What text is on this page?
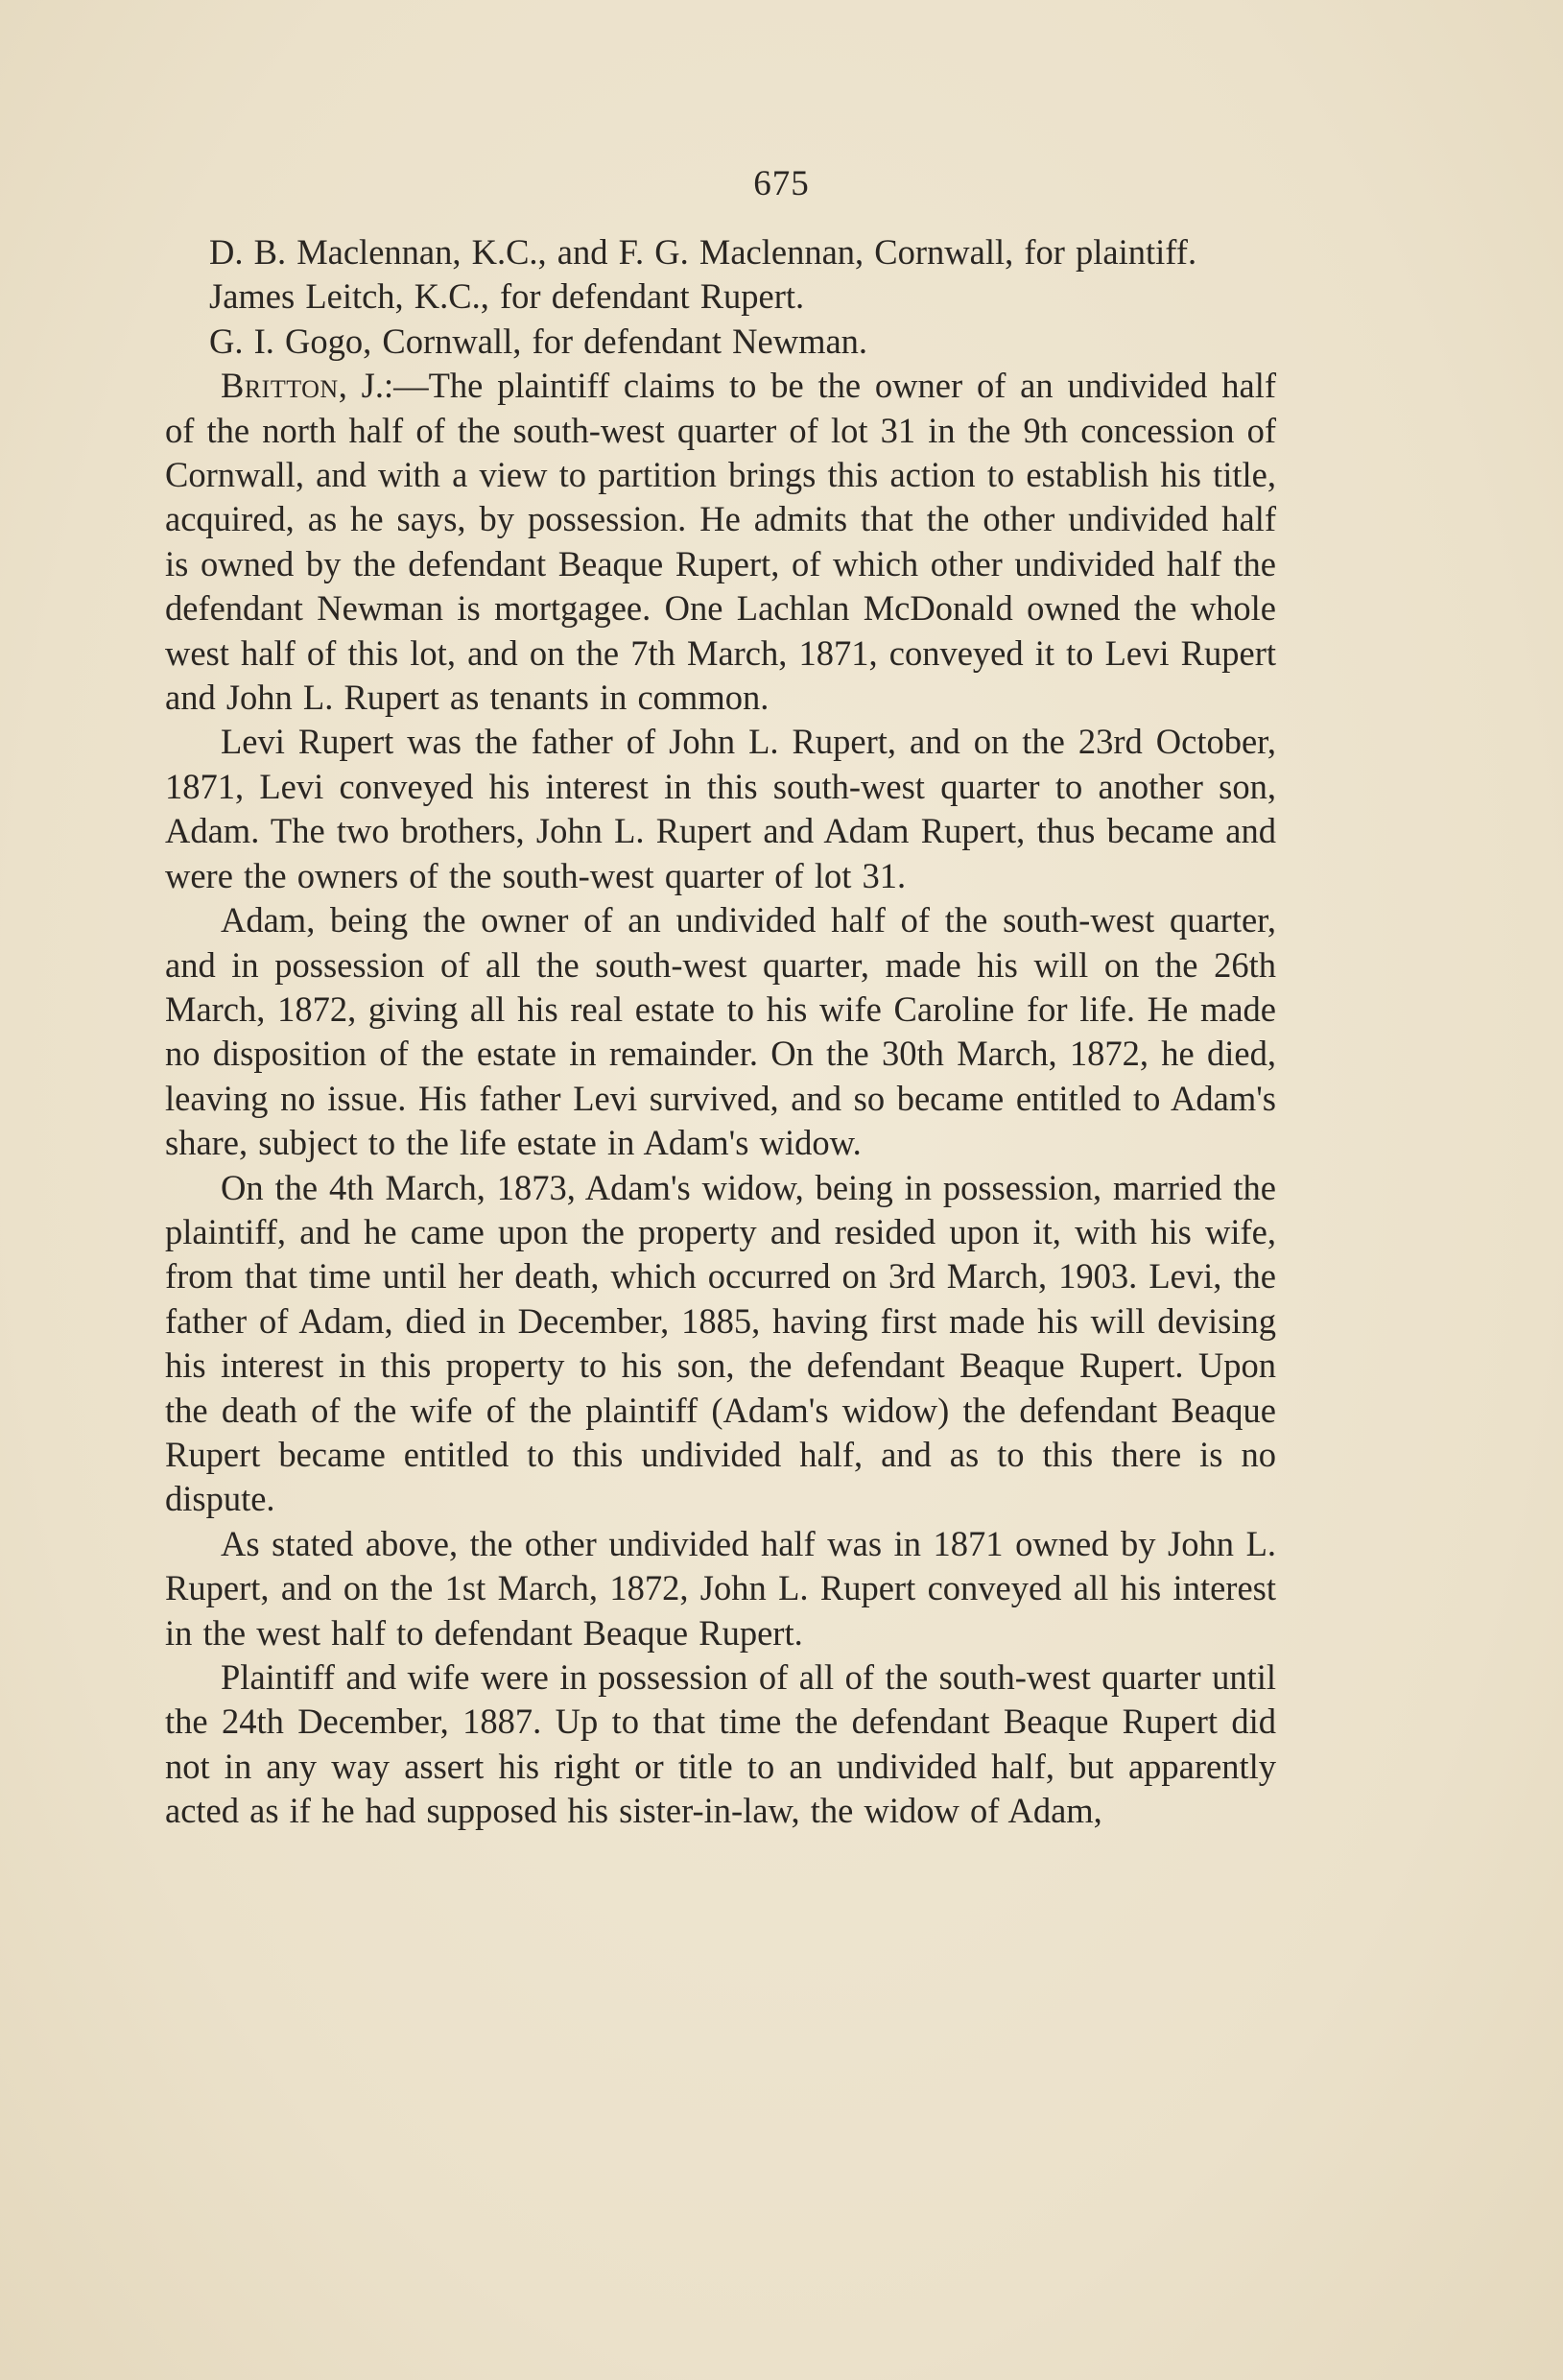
675

D. B. Maclennan, K.C., and F. G. Maclennan, Cornwall, for plaintiff.

James Leitch, K.C., for defendant Rupert.

G. I. Gogo, Cornwall, for defendant Newman.

Britton, J.:—The plaintiff claims to be the owner of an undivided half of the north half of the south-west quarter of lot 31 in the 9th concession of Cornwall, and with a view to partition brings this action to establish his title, acquired, as he says, by possession. He admits that the other undivided half is owned by the defendant Beaque Rupert, of which other undivided half the defendant Newman is mortgagee. One Lachlan McDonald owned the whole west half of this lot, and on the 7th March, 1871, conveyed it to Levi Rupert and John L. Rupert as tenants in common.

Levi Rupert was the father of John L. Rupert, and on the 23rd October, 1871, Levi conveyed his interest in this south-west quarter to another son, Adam. The two brothers, John L. Rupert and Adam Rupert, thus became and were the owners of the south-west quarter of lot 31.

Adam, being the owner of an undivided half of the south-west quarter, and in possession of all the south-west quarter, made his will on the 26th March, 1872, giving all his real estate to his wife Caroline for life. He made no disposition of the estate in remainder. On the 30th March, 1872, he died, leaving no issue. His father Levi survived, and so became entitled to Adam's share, subject to the life estate in Adam's widow.

On the 4th March, 1873, Adam's widow, being in possession, married the plaintiff, and he came upon the property and resided upon it, with his wife, from that time until her death, which occurred on 3rd March, 1903. Levi, the father of Adam, died in December, 1885, having first made his will devising his interest in this property to his son, the defendant Beaque Rupert. Upon the death of the wife of the plaintiff (Adam's widow) the defendant Beaque Rupert became entitled to this undivided half, and as to this there is no dispute.

As stated above, the other undivided half was in 1871 owned by John L. Rupert, and on the 1st March, 1872, John L. Rupert conveyed all his interest in the west half to defendant Beaque Rupert.

Plaintiff and wife were in possession of all of the south-west quarter until the 24th December, 1887. Up to that time the defendant Beaque Rupert did not in any way assert his right or title to an undivided half, but apparently acted as if he had supposed his sister-in-law, the widow of Adam,
